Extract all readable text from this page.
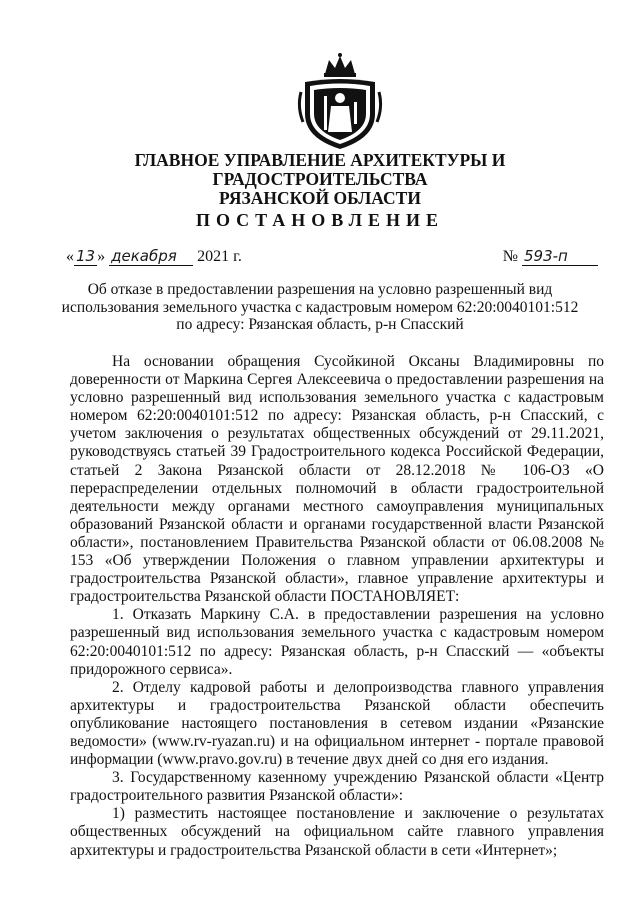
ГЛАВНОЕ УПРАВЛЕНИЕ АРХИТЕКТУРЫ И ГРАДОСТРОИТЕЛЬСТВА
РЯЗАНСКОЙ ОБЛАСТИ
ПОСТАНОВЛЕНИЕ
« 13 » декабря 2021 г.	№ 593-п
Об отказе в предоставлении разрешения на условно разрешенный вид
использования земельного участка с кадастровым номером 62:20:0040101:512
по адресу: Рязанская область, р-н Спасский

На основании обращения Сусойкиной Оксаны Владимировны по доверенности от Маркина Сергея Алексеевича о предоставлении разрешения на условно разрешенный вид использования земельного участка с кадастровым номером 62:20:0040101:512 по адресу: Рязанская область, р-н Спасский, с учетом заключения о результатах общественных обсуждений от 29.11.2021, руководствуясь статьей 39 Градостроительного кодекса Российской Федерации, статьей 2 Закона Рязанской области от 28.12.2018 № 106-ОЗ «О перераспределении отдельных полномочий в области градостроительной деятельности между органами местного самоуправления муниципальных образований Рязанской области и органами государственной власти Рязанской области», постановлением Правительства Рязанской области от 06.08.2008 № 153 «Об утверждении Положения о главном управлении архитектуры и градостроительства Рязанской области», главное управление архитектуры и градостроительства Рязанской области ПОСТАНОВЛЯЕТ:

1. Отказать Маркину С.А. в предоставлении разрешения на условно разрешенный вид использования земельного участка с кадастровым номером 62:20:0040101:512 по адресу: Рязанская область, р-н Спасский — «объекты придорожного сервиса».

2. Отделу кадровой работы и делопроизводства главного управления архитектуры и градостроительства Рязанской области обеспечить опубликование настоящего постановления в сетевом издании «Рязанские ведомости» (www.rv-ryazan.ru) и на официальном интернет - портале правовой информации (www.pravo.gov.ru) в течение двух дней со дня его издания.

3. Государственному казенному учреждению Рязанской области «Центр градостроительного развития Рязанской области»:

1) разместить настоящее постановление и заключение о результатах общественных обсуждений на официальном сайте главного управления архитектуры и градостроительства Рязанской области в сети «Интернет»;
